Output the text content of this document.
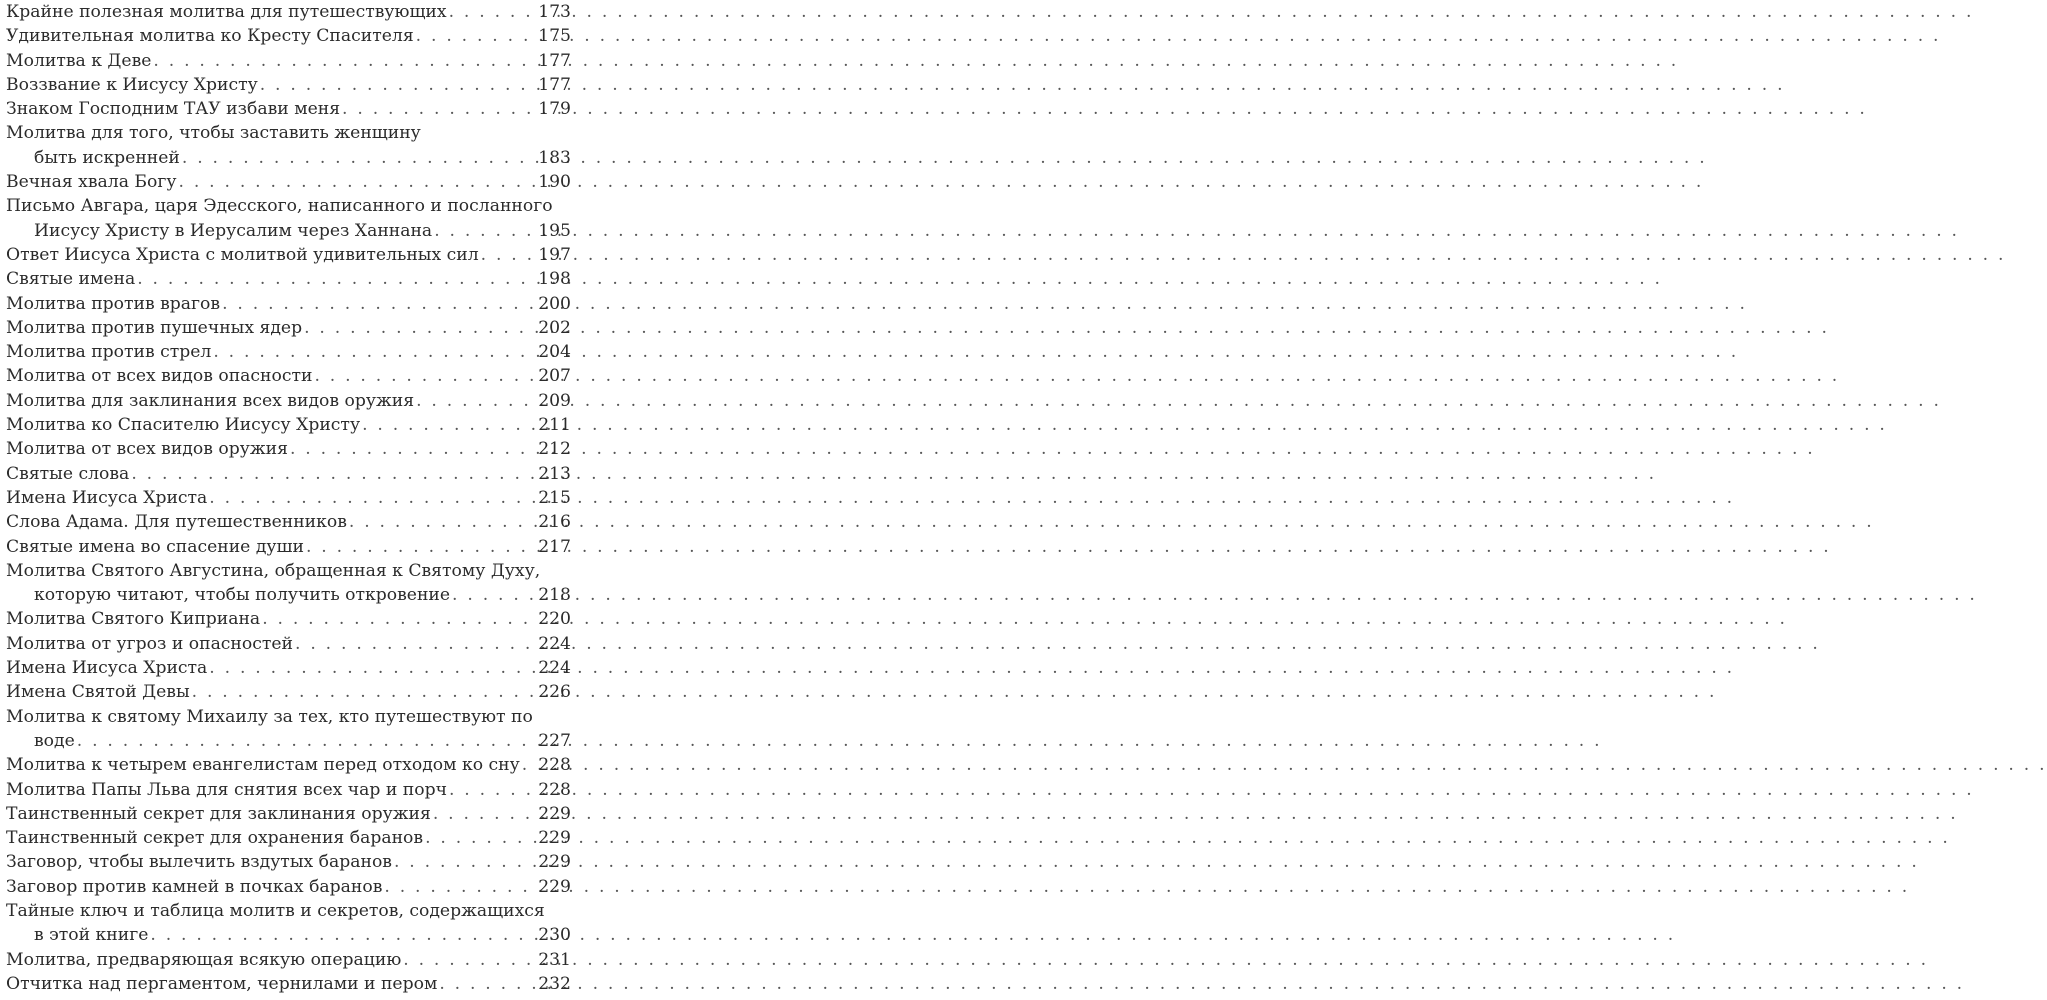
Крайне полезная молитва для путешествующих . . .	173
Удивительная молитва ко Кресту Спасителя . . .	175
Молитва к Деве . . .	177
Воззвание к Иисусу Христу . . .	177
Знаком Господним ТАУ избави меня . . .	179
Молитва для того, чтобы заставить женщину
быть искренней . . .	183
Вечная хвала Богу . . .	190
Письмо Авгара, царя Эдесского, написанного и посланного
Иисусу Христу в Иерусалим через Ханнана . . .	195
Ответ Иисуса Христа с молитвой удивительных сил . . .	197
Святые имена . . .	198
Молитва против врагов . . .	200
Молитва против пушечных ядер . . .	202
Молитва против стрел . . .	204
Молитва от всех видов опасности . . .	207
Молитва для заклинания всех видов оружия . . .	209
Молитва ко Спасителю Иисусу Христу . . .	211
Молитва от всех видов оружия . . .	212
Святые слова . . .	213
Имена Иисуса Христа . . .	215
Слова Адама. Для путешественников . . .	216
Святые имена во спасение души . . .	217
Молитва Святого Августина, обращенная к Святому Духу,
которую читают, чтобы получить откровение . . .	218
Молитва Святого Киприана . . .	220
Молитва от угроз и опасностей . . .	224
Имена Иисуса Христа . . .	224
Имена Святой Девы . . .	226
Молитва к святому Михаилу за тех, кто путешествуют по
воде . . .	227
Молитва к четырем евангелистам перед отходом ко сну . . . 228
Молитва Папы Льва для снятия всех чар и порч . . .	228
Таинственный секрет для заклинания оружия . . .	229
Таинственный секрет для охранения баранов . . .	229
Заговор, чтобы вылечить вздутых баранов . . .	229
Заговор против камней в почках баранов . . .	229
Тайные ключ и таблица молитв и секретов, содержащихся
в этой книге . . .	230
Молитва, предваряющая всякую операцию . . .	231
Отчитка над пергаментом, чернилами и пером . . .	232
